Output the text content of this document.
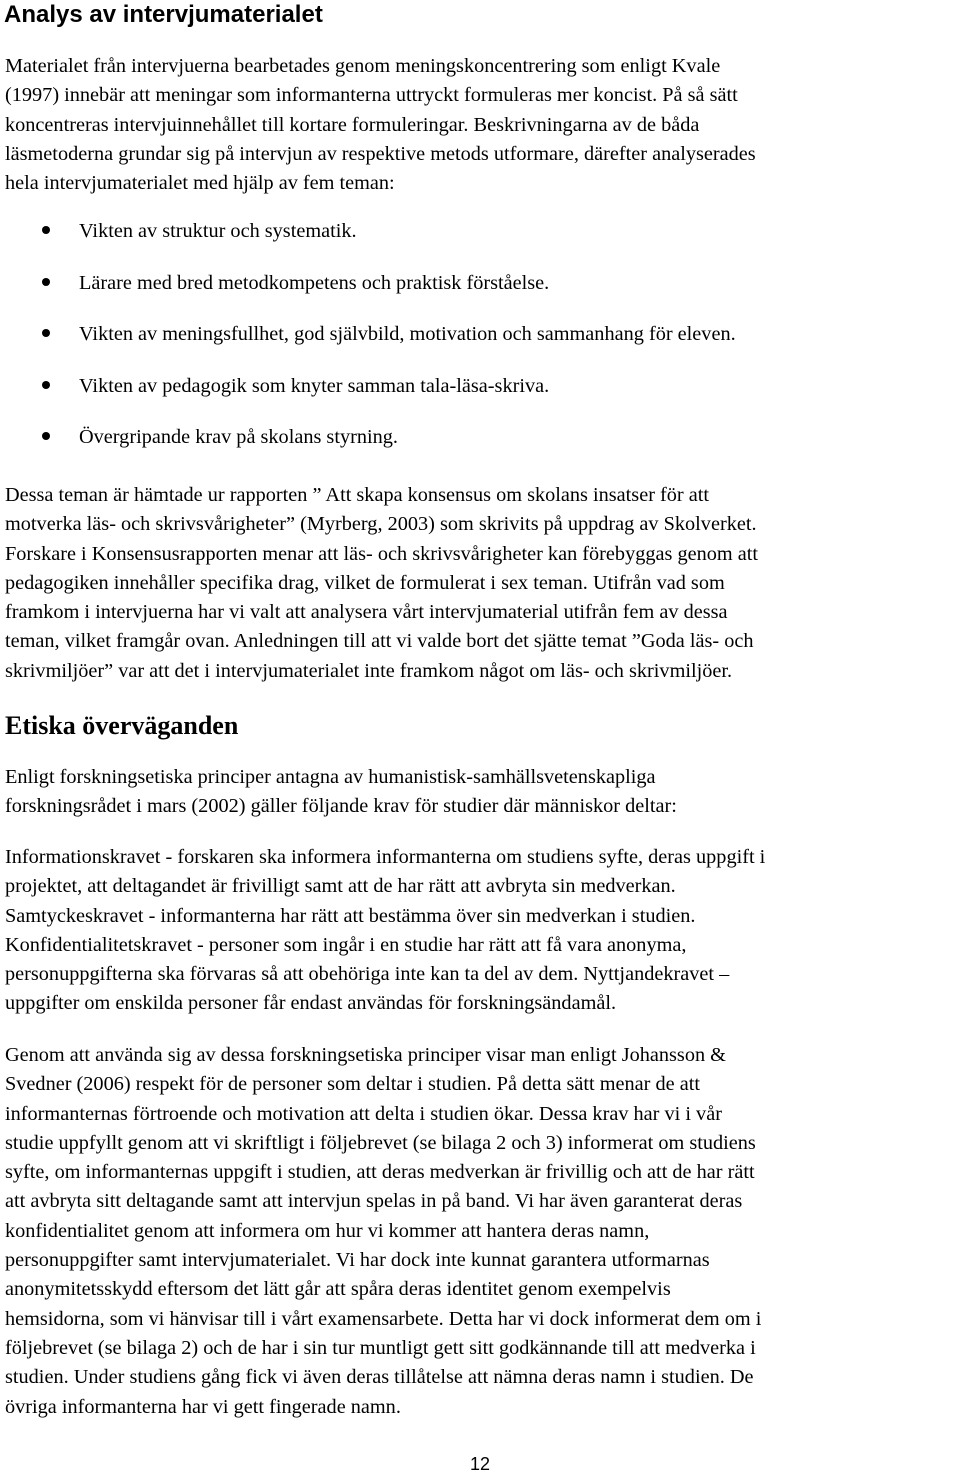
Analys av intervjumaterialet

Materialet från intervjuerna bearbetades genom meningskoncentrering som enligt Kvale
(1997) innebär att meningar som informanterna uttryckt formuleras mer koncist. På så sätt
koncentreras intervjuinnehållet till kortare formuleringar. Beskrivningarna av de båda
läsmetoderna grundar sig på intervjun av respektive metods utformare, därefter analyserades
hela intervjumaterialet med hjälp av fem teman:

Vikten av struktur och systematik.
Lärare med bred metodkompetens och praktisk förståelse.
Vikten av meningsfullhet, god självbild, motivation och sammanhang för eleven.
Vikten av pedagogik som knyter samman tala-läsa-skriva.
Övergripande krav på skolans styrning.

Dessa teman är hämtade ur rapporten ” Att skapa konsensus om skolans insatser för att
motverka läs- och skrivsvårigheter” (Myrberg, 2003) som skrivits på uppdrag av Skolverket.
Forskare i Konsensusrapporten menar att läs- och skrivsvårigheter kan förebyggas genom att
pedagogiken innehåller specifika drag, vilket de formulerat i sex teman. Utifrån vad som
framkom i intervjuerna har vi valt att analysera vårt intervjumaterial utifrån fem av dessa
teman, vilket framgår ovan. Anledningen till att vi valde bort det sjätte temat ”Goda läs- och
skrivmiljöer” var att det i intervjumaterialet inte framkom något om läs- och skrivmiljöer.

Etiska överväganden

Enligt forskningsetiska principer antagna av humanistisk-samhällsvetenskapliga
forskningsrådet i mars (2002) gäller följande krav för studier där människor deltar:

Informationskravet - forskaren ska informera informanterna om studiens syfte, deras uppgift i
projektet, att deltagandet är frivilligt samt att de har rätt att avbryta sin medverkan.
Samtyckeskravet - informanterna har rätt att bestämma över sin medverkan i studien.
Konfidentialitetskravet - personer som ingår i en studie har rätt att få vara anonyma,
personuppgifterna ska förvaras så att obehöriga inte kan ta del av dem. Nyttjandekravet –
uppgifter om enskilda personer får endast användas för forskningsändamål.

Genom att använda sig av dessa forskningsetiska principer visar man enligt Johansson &
Svedner (2006) respekt för de personer som deltar i studien. På detta sätt menar de att
informanternas förtroende och motivation att delta i studien ökar. Dessa krav har vi i vår
studie uppfyllt genom att vi skriftligt i följebrevet (se bilaga 2 och 3) informerat om studiens
syfte, om informanternas uppgift i studien, att deras medverkan är frivillig och att de har rätt
att avbryta sitt deltagande samt att intervjun spelas in på band. Vi har även garanterat deras
konfidentialitet genom att informera om hur vi kommer att hantera deras namn,
personuppgifter samt intervjumaterialet. Vi har dock inte kunnat garantera utformarnas
anonymitetsskydd eftersom det lätt går att spåra deras identitet genom exempelvis
hemsidorna, som vi hänvisar till i vårt examensarbete. Detta har vi dock informerat dem om i
följebrevet (se bilaga 2) och de har i sin tur muntligt gett sitt godkännande till att medverka i
studien. Under studiens gång fick vi även deras tillåtelse att nämna deras namn i studien. De
övriga informanterna har vi gett fingerade namn.

12
